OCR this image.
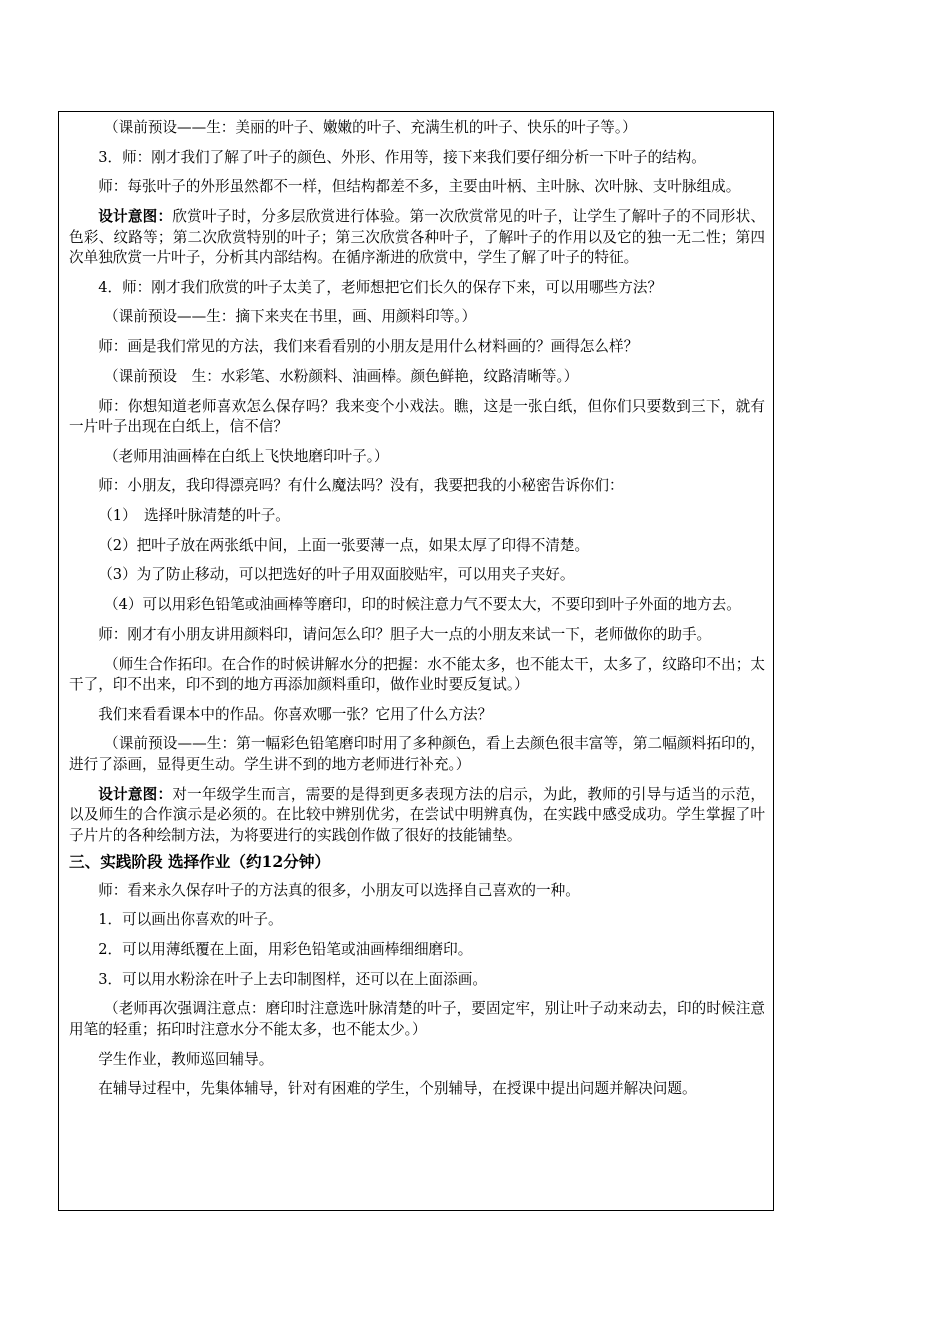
（课前预设——生：美丽的叶子、嫩嫩的叶子、充满生机的叶子、快乐的叶子等。）

3．师：刚才我们了解了叶子的颜色、外形、作用等，接下来我们要仔细分析一下叶子的结构。

师：每张叶子的外形虽然都不一样，但结构都差不多，主要由叶柄、主叶脉、次叶脉、支叶脉组成。

设计意图：欣赏叶子时，分多层欣赏进行体验。第一次欣赏常见的叶子，让学生了解叶子的不同形状、色彩、纹路等；第二次欣赏特别的叶子；第三次欣赏各种叶子，了解叶子的作用以及它的独一无二性；第四次单独欣赏一片叶子，分析其内部结构。在循序渐进的欣赏中，学生了解了叶子的特征。

4．师：刚才我们欣赏的叶子太美了，老师想把它们长久的保存下来，可以用哪些方法？

（课前预设——生：摘下来夹在书里，画、用颜料印等。）

师：画是我们常见的方法，我们来看看别的小朋友是用什么材料画的？画得怎么样？

（课前预设　生：水彩笔、水粉颜料、油画棒。颜色鲜艳，纹路清晰等。）

师：你想知道老师喜欢怎么保存吗？我来变个小戏法。瞧，这是一张白纸，但你们只要数到三下，就有一片叶子出现在白纸上，信不信？

（老师用油画棒在白纸上飞快地磨印叶子。）

师：小朋友，我印得漂亮吗？有什么魔法吗？没有，我要把我的小秘密告诉你们：

（1）　选择叶脉清楚的叶子。

（2）把叶子放在两张纸中间，上面一张要薄一点，如果太厚了印得不清楚。

（3）为了防止移动，可以把选好的叶子用双面胶贴牢，可以用夹子夹好。

（4）可以用彩色铅笔或油画棒等磨印，印的时候注意力气不要太大，不要印到叶子外面的地方去。

师：刚才有小朋友讲用颜料印，请问怎么印？胆子大一点的小朋友来试一下，老师做你的助手。

（师生合作拓印。在合作的时候讲解水分的把握：水不能太多，也不能太干，太多了，纹路印不出；太干了，印不出来，印不到的地方再添加颜料重印，做作业时要反复试。）

我们来看看课本中的作品。你喜欢哪一张？它用了什么方法？

（课前预设——生：第一幅彩色铅笔磨印时用了多种颜色，看上去颜色很丰富等，第二幅颜料拓印的，进行了添画，显得更生动。学生讲不到的地方老师进行补充。）

设计意图：对一年级学生而言，需要的是得到更多表现方法的启示，为此，教师的引导与适当的示范，以及师生的合作演示是必须的。在比较中辨别优劣，在尝试中明辨真伪，在实践中感受成功。学生掌握了叶子片片的各种绘制方法，为将要进行的实践创作做了很好的技能铺垫。

三、实践阶段 选择作业（约12分钟）

师：看来永久保存叶子的方法真的很多，小朋友可以选择自己喜欢的一种。

1．可以画出你喜欢的叶子。

2．可以用薄纸覆在上面，用彩色铅笔或油画棒细细磨印。

3．可以用水粉涂在叶子上去印制图样，还可以在上面添画。

（老师再次强调注意点：磨印时注意选叶脉清楚的叶子，要固定牢，别让叶子动来动去，印的时候注意用笔的轻重；拓印时注意水分不能太多，也不能太少。）

学生作业，教师巡回辅导。

在辅导过程中，先集体辅导，针对有困难的学生，个别辅导，在授课中提出问题并解决问题。
